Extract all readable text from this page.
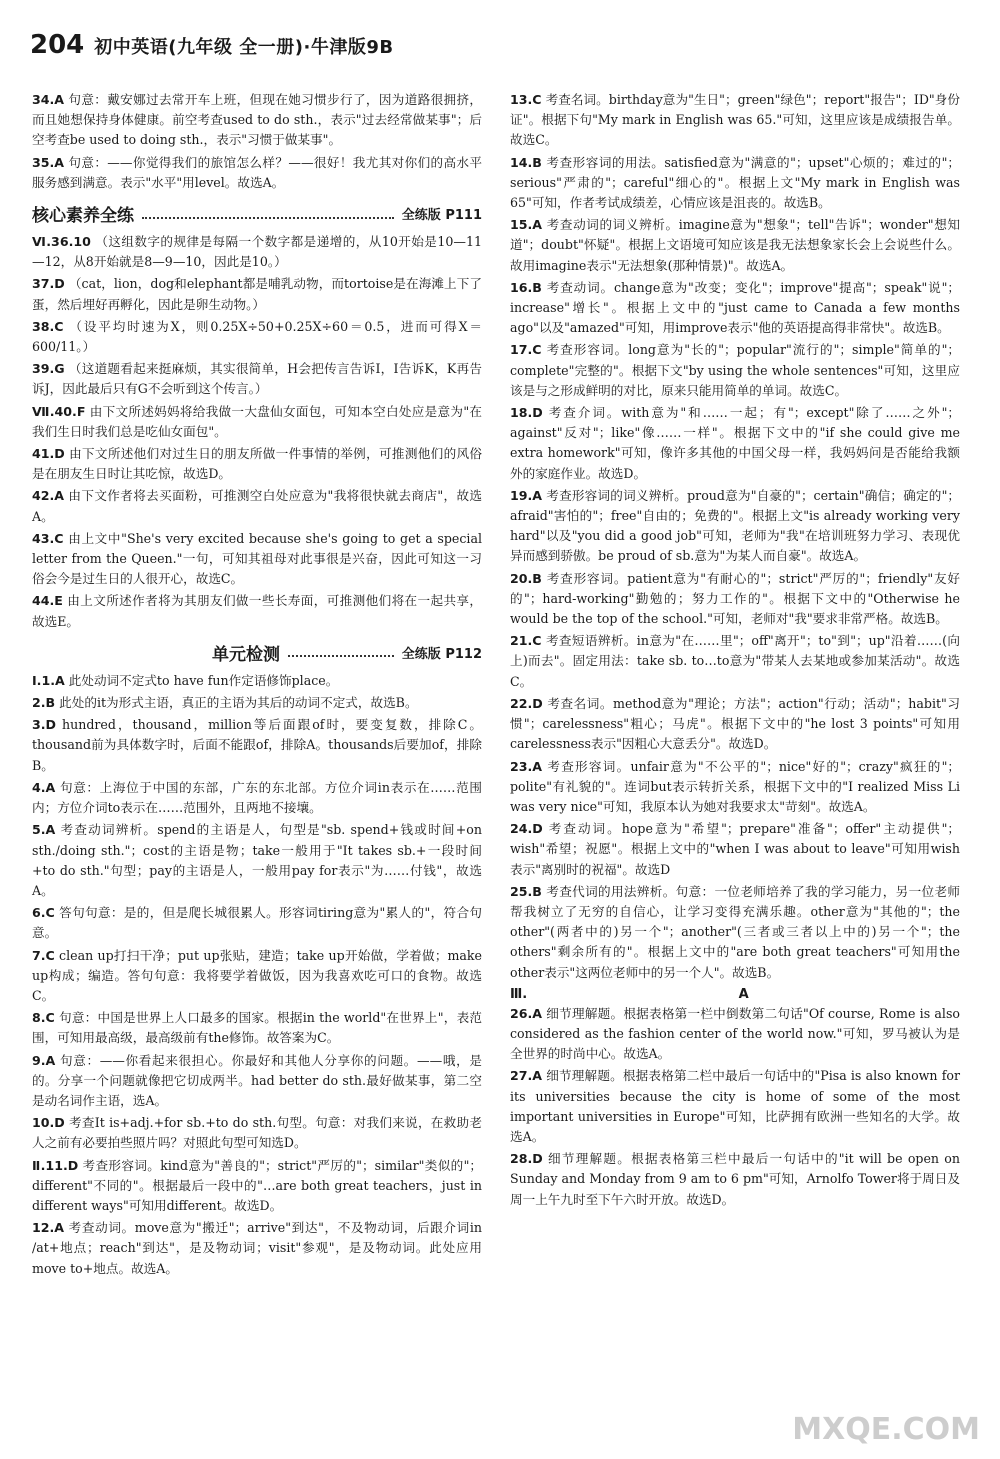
204 初中英语(九年级 全一册)·牛津版9B

34.A 句意：戴安娜过去常开车上班，但现在她习惯步行了，因为道路很拥挤，而且她想保持身体健康。前空考查used to do sth.，表示"过去经常做某事"；后空考查be used to doing sth.，表示"习惯于做某事"。

35.A 句意：——你觉得我们的旅馆怎么样？——很好！我尤其对你们的高水平服务感到满意。表示"水平"用level。故选A。

核心素养全练	全练版 P111

Ⅵ.36.10 （这组数字的规律是每隔一个数字都是递增的，从10开始是10—11—12，从8开始就是8—9—10，因此是10。）

37.D （cat，lion，dog和elephant都是哺乳动物，而tortoise是在海滩上下了蛋，然后埋好再孵化，因此是卵生动物。）

38.C （设平均时速为X，则0.25X÷50+0.25X÷60＝0.5，进而可得X＝600/11。）

39.G （这道题看起来挺麻烦，其实很简单，H会把传言告诉I，I告诉K，K再告诉J，因此最后只有G不会听到这个传言。）

Ⅶ.40.F 由下文所述妈妈将给我做一大盘仙女面包，可知本空白处应是意为"在我们生日时我们总是吃仙女面包"。

41.D 由下文所述他们对过生日的朋友所做一件事情的举例，可推测他们的风俗是在朋友生日时让其吃惊，故选D。

42.A 由下文作者将去买面粉，可推测空白处应意为"我将很快就去商店"，故选A。

43.C 由上文中"She's very excited because she's going to get a special letter from the Queen."一句，可知其祖母对此事很是兴奋，因此可知这一习俗会今是过生日的人很开心，故选C。

44.E 由上文所述作者将为其朋友们做一些长寿面，可推测他们将在一起共享，故选E。

单元检测	全练版 P112

Ⅰ.1.A 此处动词不定式to have fun作定语修饰place。

2.B 此处的it为形式主语，真正的主语为其后的动词不定式，故选B。

3.D hundred，thousand，million等后面跟of时，要变复数，排除C。thousand前为具体数字时，后面不能跟of，排除A。thousands后要加of，排除B。

4.A 句意：上海位于中国的东部，广东的东北部。方位介词in表示在……范围内；方位介词to表示在……范围外，且两地不接壤。

5.A 考查动词辨析。spend的主语是人，句型是"sb. spend+钱或时间+on sth./doing sth."；cost的主语是物；take一般用于"It takes sb.+一段时间+to do sth."句型；pay的主语是人，一般用pay for表示"为……付钱"，故选A。

6.C 答句句意：是的，但是爬长城很累人。形容词tiring意为"累人的"，符合句意。

7.C clean up打扫干净；put up张贴，建造；take up开始做，学着做；make up构成；编造。答句句意：我将要学着做饭，因为我喜欢吃可口的食物。故选C。

8.C 句意：中国是世界上人口最多的国家。根据in the world"在世界上"，表范围，可知用最高级，最高级前有the修饰。故答案为C。

9.A 句意：——你看起来很担心。你最好和其他人分享你的问题。——哦，是的。分享一个问题就像把它切成两半。had better do sth.最好做某事，第二空是动名词作主语，选A。

10.D 考查It is+adj.+for sb.+to do sth.句型。句意：对我们来说，在救助老人之前有必要拍些照片吗？对照此句型可知选D。

Ⅱ.11.D 考查形容词。kind意为"善良的"；strict"严厉的"；similar"类似的"；different"不同的"。根据最后一段中的"…are both great teachers，just in different ways"可知用different。故选D。

12.A 考查动词。move意为"搬迁"；arrive"到达"，不及物动词，后跟介词in /at+地点；reach"到达"，是及物动词；visit"参观"，是及物动词。此处应用move to+地点。故选A。

13.C 考查名词。birthday意为"生日"；green"绿色"；report"报告"；ID"身份证"。根据下句"My mark in English was 65."可知，这里应该是成绩报告单。故选C。

14.B 考查形容词的用法。satisfied意为"满意的"；upset"心烦的；难过的"；serious"严肃的"；careful"细心的"。根据上文"My mark in English was 65"可知，作者考试成绩差，心情应该是沮丧的。故选B。

15.A 考查动词的词义辨析。imagine意为"想象"；tell"告诉"；wonder"想知道"；doubt"怀疑"。根据上文语境可知应该是我无法想象家长会上会说些什么。故用imagine表示"无法想象(那种情景)"。故选A。

16.B 考查动词。change意为"改变；变化"；improve"提高"；speak"说"；increase"增长"。根据上文中的"just came to Canada a few months ago"以及"amazed"可知，用improve表示"他的英语提高得非常快"。故选B。

17.C 考查形容词。long意为"长的"；popular"流行的"；simple"简单的"；complete"完整的"。根据下文"by using the whole sentences"可知，这里应该是与之形成鲜明的对比，原来只能用简单的单词。故选C。

18.D 考查介词。with意为"和……一起；有"；except"除了……之外"；against"反对"；like"像……一样"。根据下文中的"if she could give me extra homework"可知，像许多其他的中国父母一样，我妈妈问是否能给我额外的家庭作业。故选D。

19.A 考查形容词的词义辨析。proud意为"自豪的"；certain"确信；确定的"；afraid"害怕的"；free"自由的；免费的"。根据上文"is already working very hard"以及"you did a good job"可知，老师为"我"在培训班努力学习、表现优异而感到骄傲。be proud of sb.意为"为某人而自豪"。故选A。

20.B 考查形容词。patient意为"有耐心的"；strict"严厉的"；friendly"友好的"；hard-working"勤勉的；努力工作的"。根据下文中的"Otherwise he would be the top of the school."可知，老师对"我"要求非常严格。故选B。

21.C 考查短语辨析。in意为"在……里"；off"离开"；to"到"；up"沿着……(向上)而去"。固定用法：take sb. to…to意为"带某人去某地或参加某活动"。故选C。

22.D 考查名词。method意为"理论；方法"；action"行动；活动"；habit"习惯"；carelessness"粗心；马虎"。根据下文中的"he lost 3 points"可知用carelessness表示"因粗心大意丢分"。故选D。

23.A 考查形容词。unfair意为"不公平的"；nice"好的"；crazy"疯狂的"；polite"有礼貌的"。连词but表示转折关系，根据下文中的"I realized Miss Li was very nice"可知，我原本认为她对我要求太"苛刻"。故选A。

24.D 考查动词。hope意为"希望"；prepare"准备"；offer"主动提供"；wish"希望；祝愿"。根据上文中的"when I was about to leave"可知用wish表示"离别时的祝福"。故选D

25.B 考查代词的用法辨析。句意：一位老师培养了我的学习能力，另一位老师帮我树立了无穷的自信心，让学习变得充满乐趣。other意为"其他的"；the other"(两者中的)另一个"；another"(三者或三者以上中的)另一个"；the others"剩余所有的"。根据上文中的"are both great teachers"可知用the other表示"这两位老师中的另一个人"。故选B。

Ⅲ.	A

26.A 细节理解题。根据表格第一栏中倒数第二句话"Of course, Rome is also considered as the fashion center of the world now."可知，罗马被认为是全世界的时尚中心。故选A。

27.A 细节理解题。根据表格第二栏中最后一句话中的"Pisa is also known for its universities because the city is home of some of the most important universities in Europe"可知，比萨拥有欧洲一些知名的大学。故选A。

28.D 细节理解题。根据表格第三栏中最后一句话中的"it will be open on Sunday and Monday from 9 am to 6 pm"可知，Arnolfo Tower将于周日及周一上午九时至下午六时开放。故选D。

MXQE.COM
